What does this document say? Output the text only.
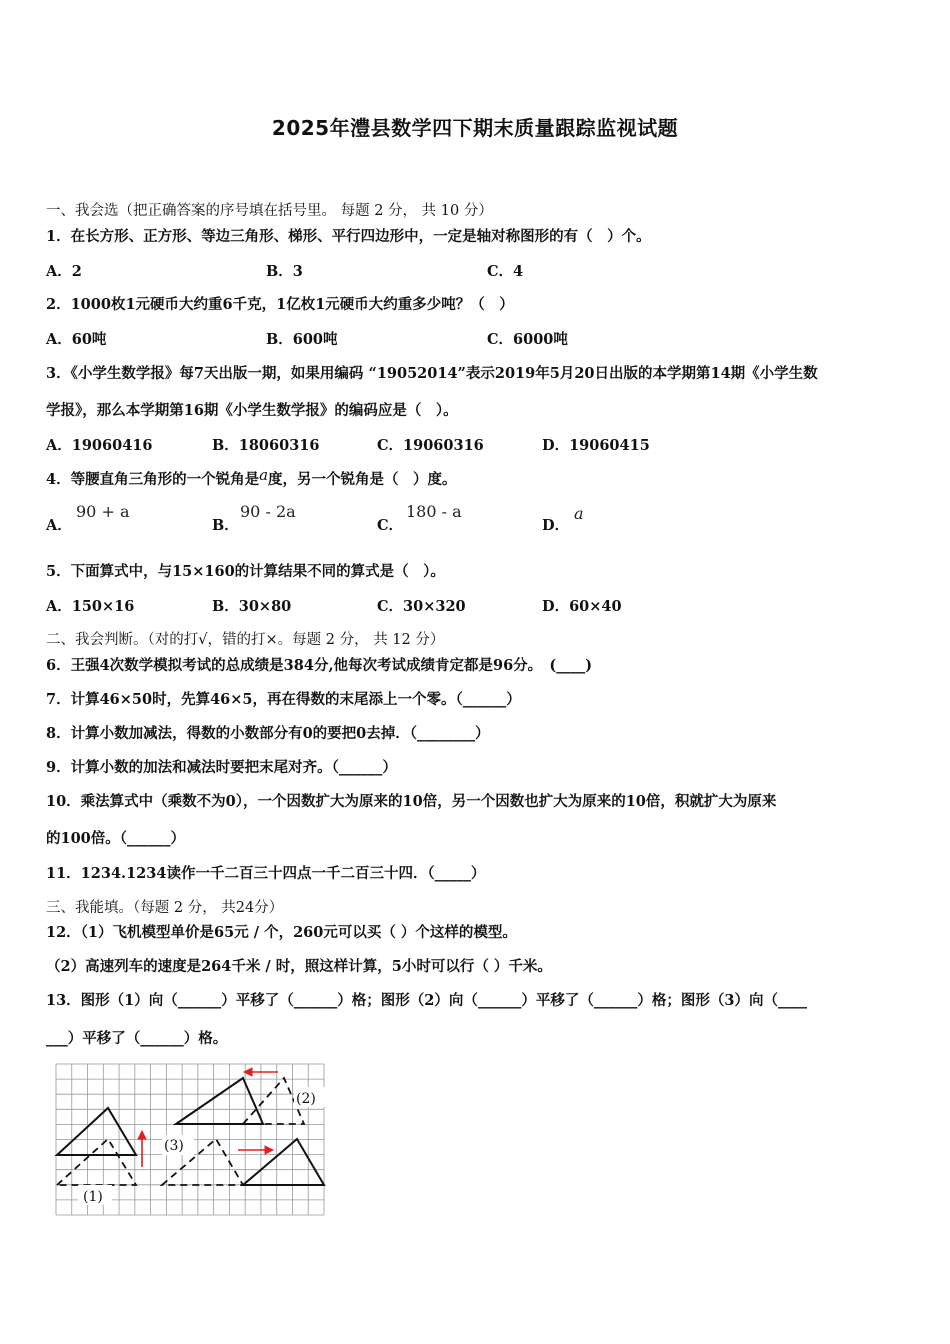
2025年澧县数学四下期末质量跟踪监视试题
一、我会选（把正确答案的序号填在括号里。 每题 2 分， 共 10 分）
1．在长方形、正方形、等边三角形、梯形、平行四边形中，一定是轴对称图形的有（　）个。
A．2	B．3	C．4
2．1000枚1元硬币大约重6千克，1亿枚1元硬币大约重多少吨？（　）
A．60吨	B．600吨	C．6000吨
3．《小学生数学报》每7天出版一期，如果用编码 “19052014”表示2019年5月20日出版的本学期第14期《小学生数
学报》，那么本学期第16期《小学生数学报》的编码应是（　）。
A．19060416	B．18060316	C．19060316	D．19060415
4．等腰直角三角形的一个锐角是a度，另一个锐角是（　）度。
A．
90 + a
B．
90 - 2a
C．
180 - a
D．
a
5．下面算式中，与15×160的计算结果不同的算式是（　）。
A．150×16	B．30×80	C．30×320	D．60×40
二、我会判断。（对的打√，错的打×。每题 2 分， 共 12 分）
6．王强4次数学模拟考试的总成绩是384分,他每次考试成绩肯定都是96分。　(____)
7．计算46×50时，先算46×5，再在得数的末尾添上一个零。（______）
8．计算小数加减法，得数的小数部分有0的要把0去掉．（________）
9．计算小数的加法和减法时要把末尾对齐。（______）
10．乘法算式中（乘数不为0），一个因数扩大为原来的10倍，另一个因数也扩大为原来的10倍，积就扩大为原来
的100倍。（______）
11．1234.1234读作一千二百三十四点一千二百三十四．（_____）
三、我能填。（每题 2 分， 共24分）
12．（1）飞机模型单价是65元 / 个，260元可以买（ ）个这样的模型。
（2）高速列车的速度是264千米 / 时，照这样计算，5小时可以行（ ）千米。
13．图形（1）向（______）平移了（______）格；图形（2）向（______）平移了（______）格；图形（3）向（____
___）平移了（______）格。
(1)
(2)
(3)
